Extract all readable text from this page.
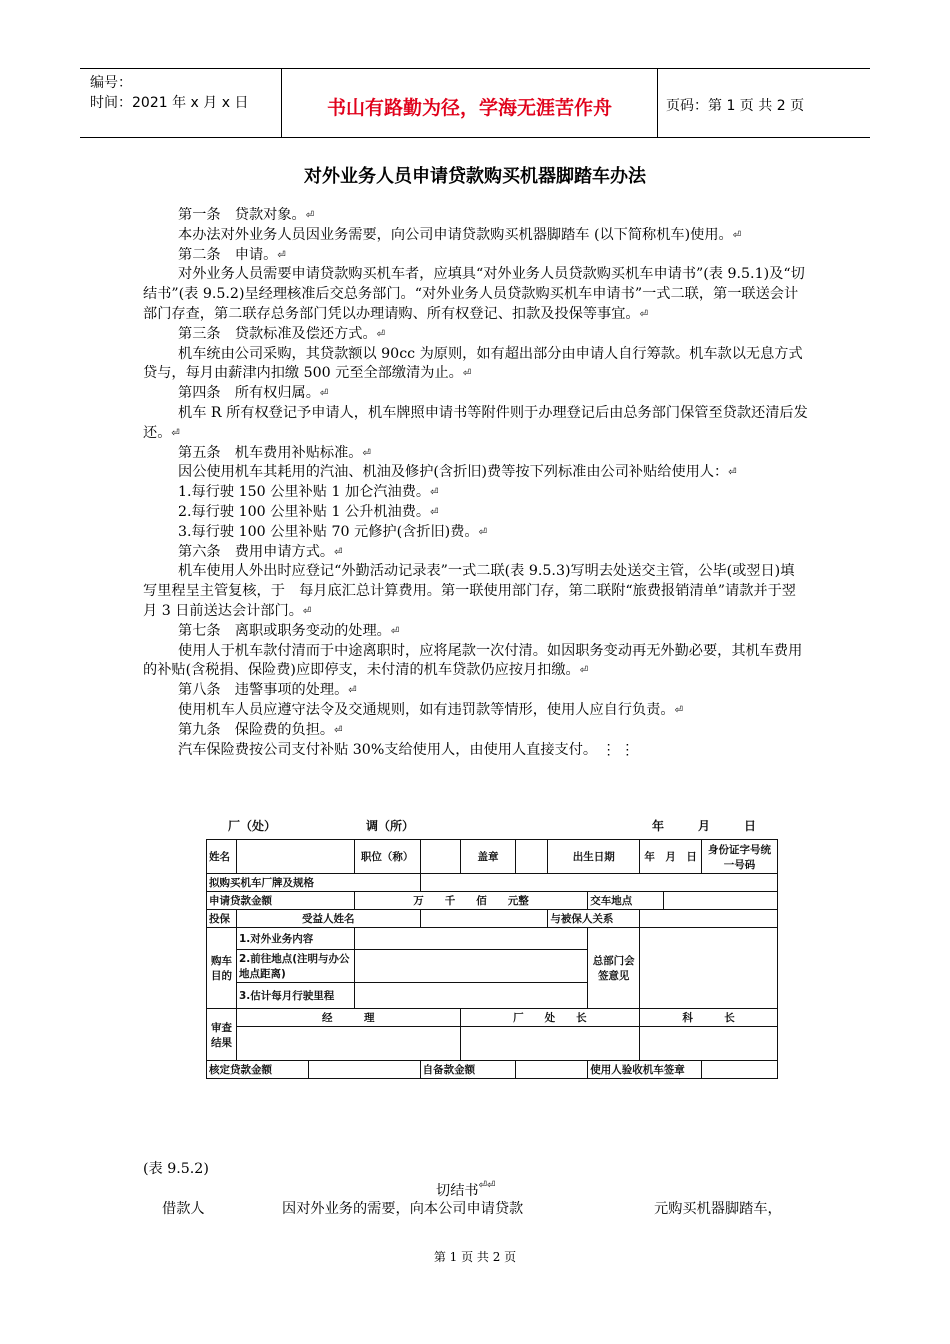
编号：
时间：2021 年 x 月 x 日	书山有路勤为径，学海无涯苦作舟	页码：第 1 页 共 2 页
对外业务人员申请贷款购买机器脚踏车办法

第一条　贷款对象。⏎

本办法对外业务人员因业务需要，向公司申请贷款购买机器脚踏车 (以下简称机车)使用。⏎

第二条　申请。⏎

对外业务人员需要申请贷款购买机车者，应填具“对外业务人员贷款购买机车申请书”(表 9.5.1)及“切结书”(表 9.5.2)呈经理核准后交总务部门。“对外业务人员贷款购买机车申请书”一式二联，第一联送会计部门存查，第二联存总务部门凭以办理请购、所有权登记、扣款及投保等事宜。⏎

第三条　贷款标准及偿还方式。⏎

机车统由公司采购，其贷款额以 90cc 为原则，如有超出部分由申请人自行筹款。机车款以无息方式贷与，每月由薪津内扣缴 500 元至全部缴清为止。⏎

第四条　所有权归属。⏎

机车 R 所有权登记予申请人，机车牌照申请书等附件则于办理登记后由总务部门保管至贷款还清后发还。⏎

第五条　机车费用补贴标准。⏎

因公使用机车其耗用的汽油、机油及修护(含折旧)费等按下列标准由公司补贴给使用人：⏎

1.每行驶 150 公里补贴 1 加仑汽油费。⏎

2.每行驶 100 公里补贴 1 公升机油费。⏎

3.每行驶 100 公里补贴 70 元修护(含折旧)费。⏎

第六条　费用申请方式。⏎

机车使用人外出时应登记“外勤活动记录表”一式二联(表 9.5.3)写明去处送交主管，公毕(或翌日)填写里程呈主管复核，于　每月底汇总计算费用。第一联使用部门存，第二联附“旅费报销清单”请款并于翌月 3 日前送达会计部门。⏎

第七条　离职或职务变动的处理。⏎

使用人于机车款付清而于中途离职时，应将尾款一次付清。如因职务变动再无外勤必要，其机车费用的补贴(含税捐、保险费)应即停支，未付清的机车贷款仍应按月扣缴。⏎

第八条　违警事项的处理。⏎

使用机车人员应遵守法令及交通规则，如有违罚款等情形，使用人应自行负责。⏎

第九条　保险费的负担。⏎

汽车保险费按公司支付补贴 30%支给使用人，由使用人直接支付。 ⋮ ⋮

厂（处）	调（所）	年	月	日
姓名			职位（称）		盖章		出生日期		年　月　日		身份证字号统一号码
拟购买机车厂牌及规格											
申请贷款金额			万　　千　　佰　　元整					交车地点			
投保	受益人姓名						与被保人关系				
购车目的	1.对外业务内容							总部门会签意见			
	2.前往地点(注明与办公地点距离)										
	3.估计每月行驶里程										
审查结果	经　　　理				厂　　处　　长				科　　　长		

核定贷款金额				自备款金额				使用人验收机车签章			
(表 9.5.2)
切结书⏎⏎
借款人	因对外业务的需要，向本公司申请贷款	元购买机器脚踏车，
第 1 页 共 2 页
